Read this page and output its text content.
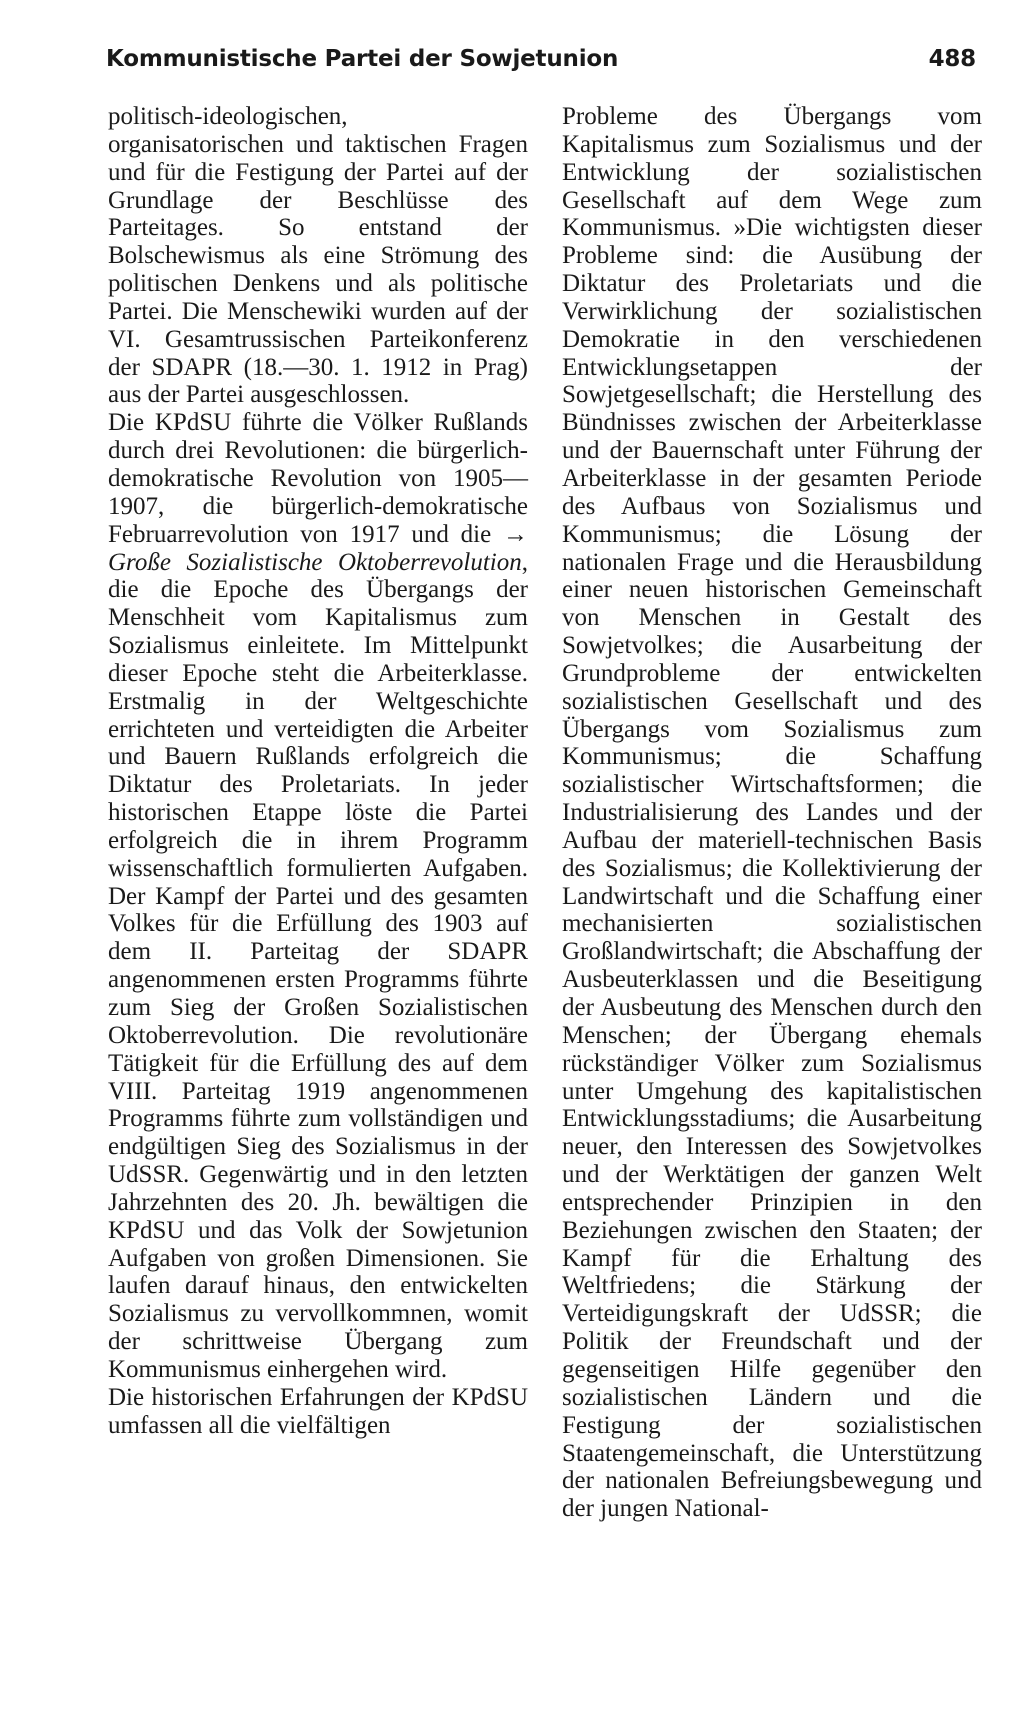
Kommunistische Partei der Sowjetunion	488

politisch-ideologischen, organisatorischen und taktischen Fragen und für die Festigung der Partei auf der Grundlage der Beschlüsse des Parteitages. So entstand der Bolschewismus als eine Strömung des politischen Denkens und als politische Partei. Die Menschewiki wurden auf der VI. Gesamtrussischen Parteikonferenz der SDAPR (18.—30. 1. 1912 in Prag) aus der Partei ausgeschlossen.

Die KPdSU führte die Völker Rußlands durch drei Revolutionen: die bürgerlich-demokratische Revolution von 1905—1907, die bürgerlich-demokratische Februarrevolution von 1917 und die → Große Sozialistische Oktoberrevolution, die die Epoche des Übergangs der Menschheit vom Kapitalismus zum Sozialismus einleitete. Im Mittelpunkt dieser Epoche steht die Arbeiterklasse. Erstmalig in der Weltgeschichte errichteten und verteidigten die Arbeiter und Bauern Rußlands erfolgreich die Diktatur des Proletariats. In jeder historischen Etappe löste die Partei erfolgreich die in ihrem Programm wissenschaftlich formulierten Aufgaben. Der Kampf der Partei und des gesamten Volkes für die Erfüllung des 1903 auf dem II. Parteitag der SDAPR angenommenen ersten Programms führte zum Sieg der Großen Sozialistischen Oktoberrevolution. Die revolutionäre Tätigkeit für die Erfüllung des auf dem VIII. Parteitag 1919 angenommenen Programms führte zum vollständigen und endgültigen Sieg des Sozialismus in der UdSSR. Gegenwärtig und in den letzten Jahrzehnten des 20. Jh. bewältigen die KPdSU und das Volk der Sowjetunion Aufgaben von großen Dimensionen. Sie laufen darauf hinaus, den entwickelten Sozialismus zu vervollkommnen, womit der schrittweise Übergang zum Kommunismus einhergehen wird.

Die historischen Erfahrungen der KPdSU umfassen all die vielfältigen

Probleme des Übergangs vom Kapitalismus zum Sozialismus und der Entwicklung der sozialistischen Gesellschaft auf dem Wege zum Kommunismus. »Die wichtigsten dieser Probleme sind: die Ausübung der Diktatur des Proletariats und die Verwirklichung der sozialistischen Demokratie in den verschiedenen Entwicklungsetappen der Sowjetgesellschaft; die Herstellung des Bündnisses zwischen der Arbeiterklasse und der Bauernschaft unter Führung der Arbeiterklasse in der gesamten Periode des Aufbaus von Sozialismus und Kommunismus; die Lösung der nationalen Frage und die Herausbildung einer neuen historischen Gemeinschaft von Menschen in Gestalt des Sowjetvolkes; die Ausarbeitung der Grundprobleme der entwickelten sozialistischen Gesellschaft und des Übergangs vom Sozialismus zum Kommunismus; die Schaffung sozialistischer Wirtschaftsformen; die Industrialisierung des Landes und der Aufbau der materiell-technischen Basis des Sozialismus; die Kollektivierung der Landwirtschaft und die Schaffung einer mechanisierten sozialistischen Großlandwirtschaft; die Abschaffung der Ausbeuterklassen und die Beseitigung der Ausbeutung des Menschen durch den Menschen; der Übergang ehemals rückständiger Völker zum Sozialismus unter Umgehung des kapitalistischen Entwicklungsstadiums; die Ausarbeitung neuer, den Interessen des Sowjetvolkes und der Werktätigen der ganzen Welt entsprechender Prinzipien in den Beziehungen zwischen den Staaten; der Kampf für die Erhaltung des Weltfriedens; die Stärkung der Verteidigungskraft der UdSSR; die Politik der Freundschaft und der gegenseitigen Hilfe gegenüber den sozialistischen Ländern und die Festigung der sozialistischen Staatengemeinschaft, die Unterstützung der nationalen Befreiungsbewegung und der jungen National-
